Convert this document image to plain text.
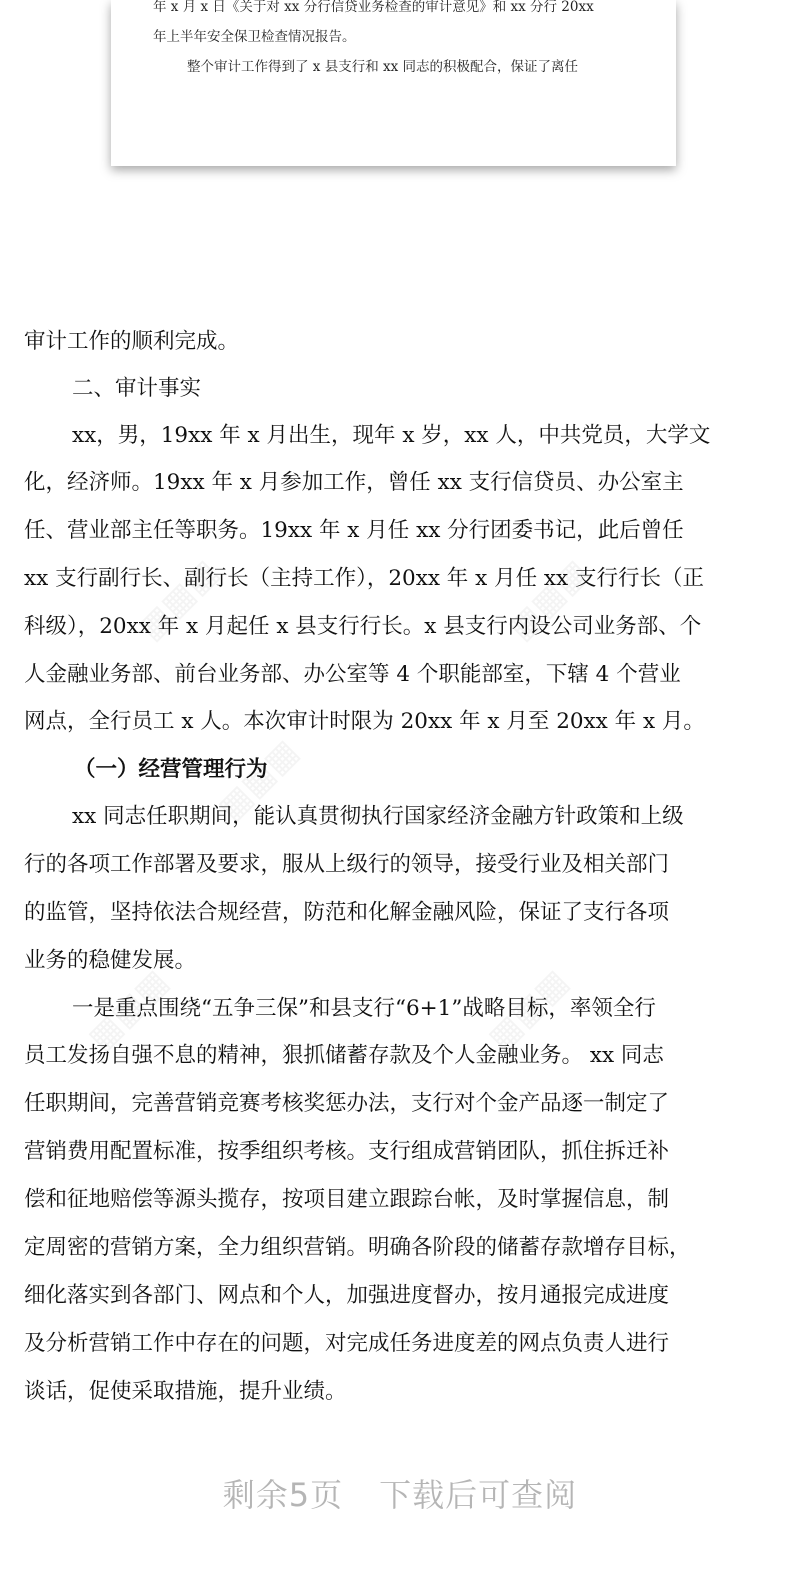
年 x 月 x 日《关于对 xx 分行信贷业务检查的审计意见》和 xx 分行 20xx

年上半年安全保卫检查情况报告。

整个审计工作得到了 x 县支行和 xx 同志的积极配合，保证了离任

▦▦▦	▦▦▦
▦▦▦
▦▦▦	▦▦▦
审计工作的顺利完成。
二、审计事实
xx，男，19xx 年 x 月出生，现年 x 岁，xx 人，中共党员，大学文
化，经济师。19xx 年 x 月参加工作，曾任 xx 支行信贷员、办公室主
任、营业部主任等职务。19xx 年 x 月任 xx 分行团委书记，此后曾任
xx 支行副行长、副行长（主持工作），20xx 年 x 月任 xx 支行行长（正
科级），20xx 年 x 月起任 x 县支行行长。x 县支行内设公司业务部、个
人金融业务部、前台业务部、办公室等 4 个职能部室，下辖 4 个营业
网点，全行员工 x 人。本次审计时限为 20xx 年 x 月至 20xx 年 x 月。
（一）经营管理行为
xx 同志任职期间，能认真贯彻执行国家经济金融方针政策和上级
行的各项工作部署及要求，服从上级行的领导，接受行业及相关部门
的监管，坚持依法合规经营，防范和化解金融风险，保证了支行各项
业务的稳健发展。
一是重点围绕“五争三保”和县支行“6+1”战略目标，率领全行
员工发扬自强不息的精神，狠抓储蓄存款及个人金融业务。 xx 同志
任职期间，完善营销竞赛考核奖惩办法，支行对个金产品逐一制定了
营销费用配置标准，按季组织考核。支行组成营销团队，抓住拆迁补
偿和征地赔偿等源头揽存，按项目建立跟踪台帐，及时掌握信息，制
定周密的营销方案，全力组织营销。明确各阶段的储蓄存款增存目标，
细化落实到各部门、网点和个人，加强进度督办，按月通报完成进度
及分析营销工作中存在的问题，对完成任务进度差的网点负责人进行
谈话，促使采取措施，提升业绩。
剩余5页 下载后可查阅
